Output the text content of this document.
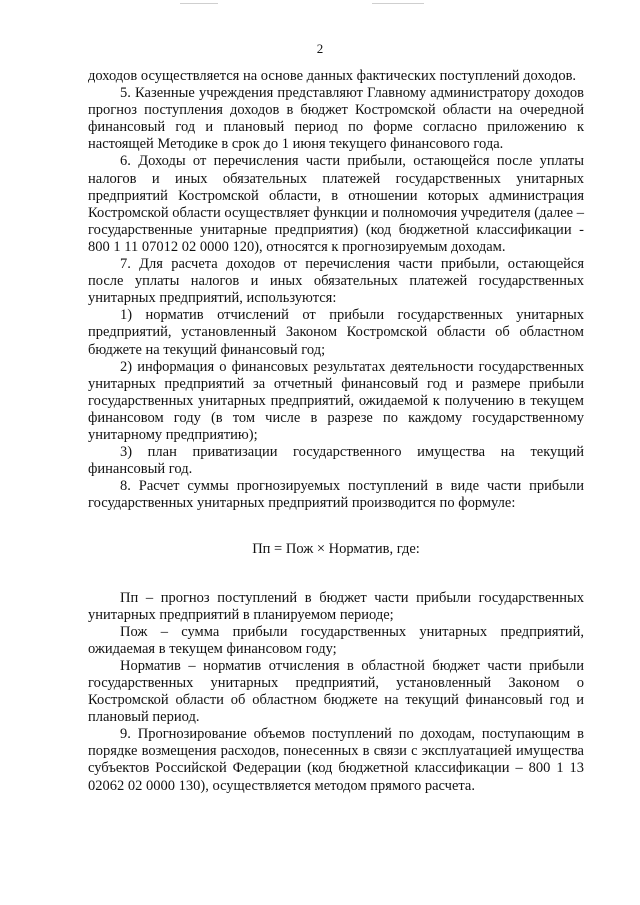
2

доходов осуществляется на основе данных фактических поступлений доходов.

5. Казенные учреждения представляют Главному администратору доходов прогноз поступления доходов в бюджет Костромской области на очередной финансовый год и плановый период по форме согласно приложению к настоящей Методике в срок до 1 июня текущего финансового года.

6. Доходы от перечисления части прибыли, остающейся после уплаты налогов и иных обязательных платежей государственных унитарных предприятий Костромской области, в отношении которых администрация Костромской области осуществляет функции и полномочия учредителя (далее – государственные унитарные предприятия) (код бюджетной классификации - 800 1 11 07012 02 0000 120), относятся к прогнозируемым доходам.

7. Для расчета доходов от перечисления части прибыли, остающейся после уплаты налогов и иных обязательных платежей государственных унитарных предприятий, используются:

1) норматив отчислений от прибыли государственных унитарных предприятий, установленный Законом Костромской области об областном бюджете на текущий финансовый год;

2) информация о финансовых результатах деятельности государственных унитарных предприятий за отчетный финансовый год и размере прибыли государственных унитарных предприятий, ожидаемой к получению в текущем финансовом году (в том числе в разрезе по каждому государственному унитарному предприятию);

3) план приватизации государственного имущества на текущий финансовый год.

8. Расчет суммы прогнозируемых поступлений в виде части прибыли государственных унитарных предприятий производится по формуле:

Пп = Пож × Норматив, где:

Пп – прогноз поступлений в бюджет части прибыли государственных унитарных предприятий в планируемом периоде;

Пож – сумма прибыли государственных унитарных предприятий, ожидаемая в текущем финансовом году;

Норматив – норматив отчисления в областной бюджет части прибыли государственных унитарных предприятий, установленный Законом о Костромской области об областном бюджете на текущий финансовый год и плановый период.

9. Прогнозирование объемов поступлений по доходам, поступающим в порядке возмещения расходов, понесенных в связи с эксплуатацией имущества субъектов Российской Федерации (код бюджетной классификации – 800 1 13 02062 02 0000 130), осуществляется методом прямого расчета.
